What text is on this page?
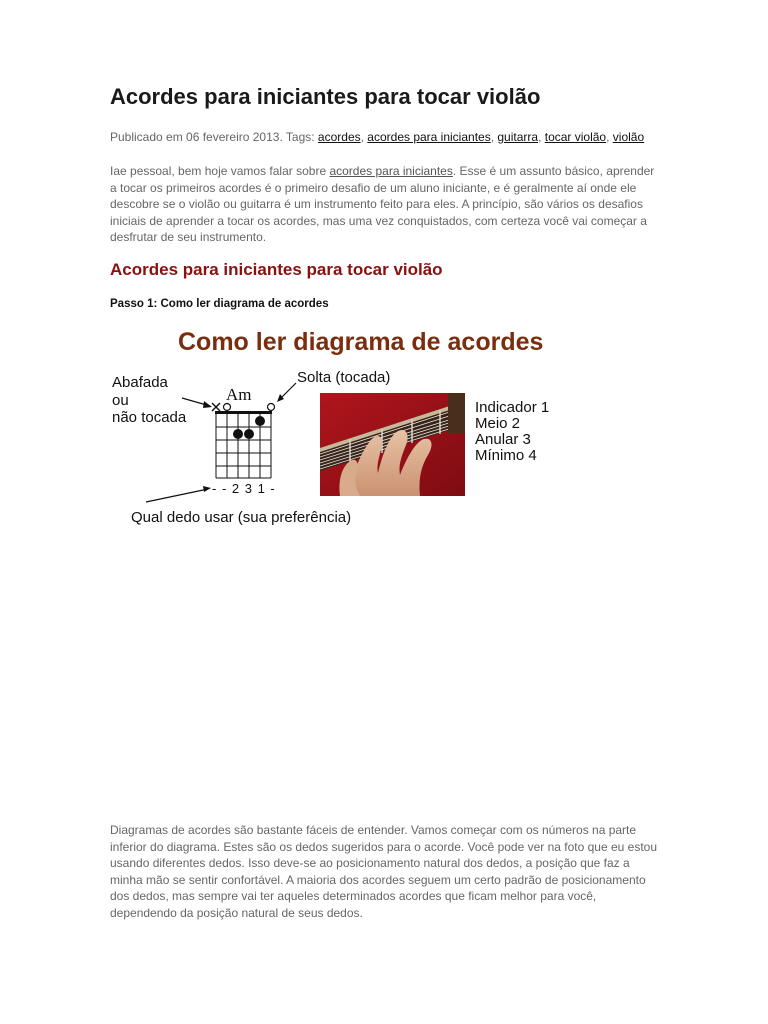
Acordes para iniciantes para tocar violão
Publicado em 06 fevereiro 2013. Tags: acordes, acordes para iniciantes, guitarra, tocar violão, violão

Iae pessoal, bem hoje vamos falar sobre acordes para iniciantes. Esse é um assunto básico, aprender a tocar os primeiros acordes é o primeiro desafio de um aluno iniciante, e é geralmente aí onde ele descobre se o violão ou guitarra é um instrumento feito para eles. A princípio, são vários os desafios iniciais de aprender a tocar os acordes, mas uma vez conquistados, com certeza você vai começar a desfrutar de seu instrumento.

Acordes para iniciantes para tocar violão
Passo 1: Como ler diagrama de acordes
Como ler diagrama de acordes
Abafada
ou
não tocada
Solta (tocada)
Am
- - 2 3 1 -
Qual dedo usar (sua preferência)
Indicador 1
Meio 2
Anular 3
Mínimo 4

Diagramas de acordes são bastante fáceis de entender. Vamos começar com os números na parte inferior do diagrama. Estes são os dedos sugeridos para o acorde. Você pode ver na foto que eu estou usando diferentes dedos. Isso deve-se ao posicionamento natural dos dedos, a posição que faz a minha mão se sentir confortável. A maioria dos acordes seguem um certo padrão de posicionamento dos dedos, mas sempre vai ter aqueles determinados acordes que ficam melhor para você, dependendo da posição natural de seus dedos.
